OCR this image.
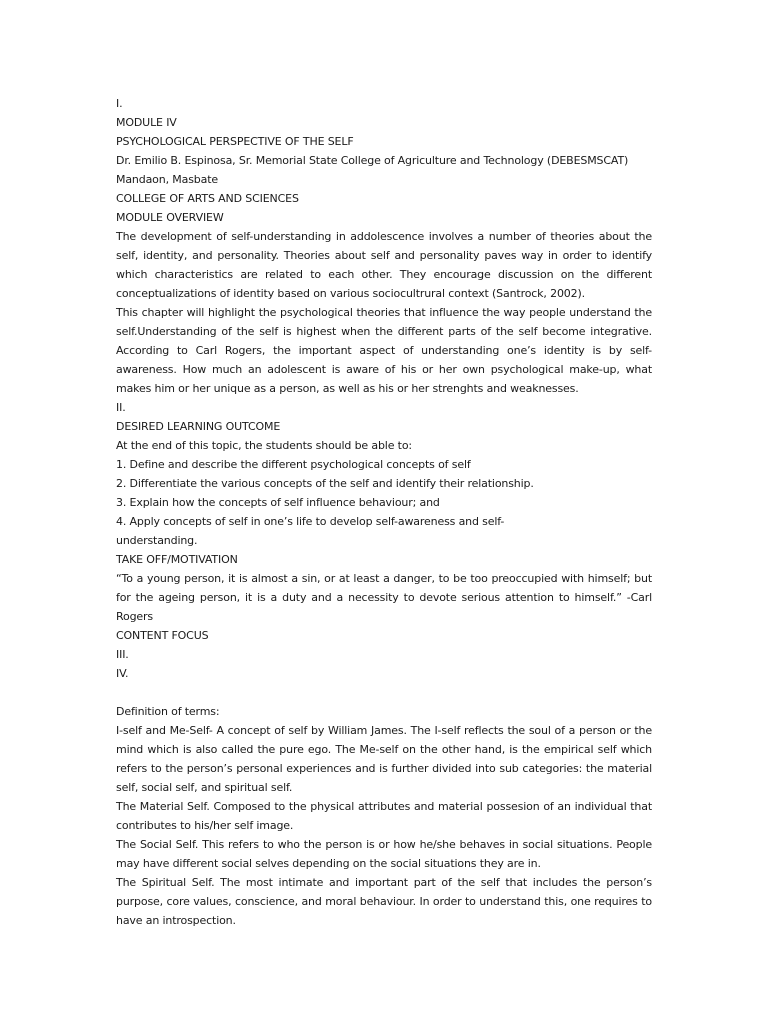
I.
MODULE IV
PSYCHOLOGICAL PERSPECTIVE OF THE SELF
Dr. Emilio B. Espinosa, Sr. Memorial State College of Agriculture and Technology (DEBESMSCAT)
Mandaon, Masbate
COLLEGE OF ARTS AND SCIENCES
MODULE OVERVIEW
The development of self-understanding in addolescence involves a number of theories about the self, identity, and personality. Theories about self and personality paves way in order to identify which characteristics are related to each other. They encourage discussion on the different conceptualizations of identity based on various sociocultrural context (Santrock, 2002).
This chapter will highlight the psychological theories that influence the way people understand the self.Understanding of the self is highest when the different parts of the self become integrative. According to Carl Rogers, the important aspect of understanding one’s identity is by self-awareness. How much an adolescent is aware of his or her own psychological make-up, what makes him or her unique as a person, as well as his or her strenghts and weaknesses.
II.
DESIRED LEARNING OUTCOME
At the end of this topic, the students should be able to:
1. Define and describe the different psychological concepts of self
2. Differentiate the various concepts of the self and identify their relationship.
3. Explain how the concepts of self influence behaviour; and
4. Apply concepts of self in one’s life to develop self-awareness and self-
understanding.
TAKE OFF/MOTIVATION
“To a young person, it is almost a sin, or at least a danger, to be too preoccupied with himself; but for the ageing person, it is a duty and a necessity to devote serious attention to himself.” -Carl Rogers
CONTENT FOCUS
III.
IV.
Definition of terms:
I-self and Me-Self- A concept of self by William James. The I-self reflects the soul of a person or the mind which is also called the pure ego. The Me-self on the other hand, is the empirical self which refers to the person’s personal experiences and is further divided into sub categories: the material self, social self, and spiritual self.
The Material Self. Composed to the physical attributes and material possesion of an individual that contributes to his/her self image.
The Social Self. This refers to who the person is or how he/she behaves in social situations. People may have different social selves depending on the social situations they are in.
The Spiritual Self. The most intimate and important part of the self that includes the person’s purpose, core values, conscience, and moral behaviour. In order to understand this, one requires to have an introspection.
